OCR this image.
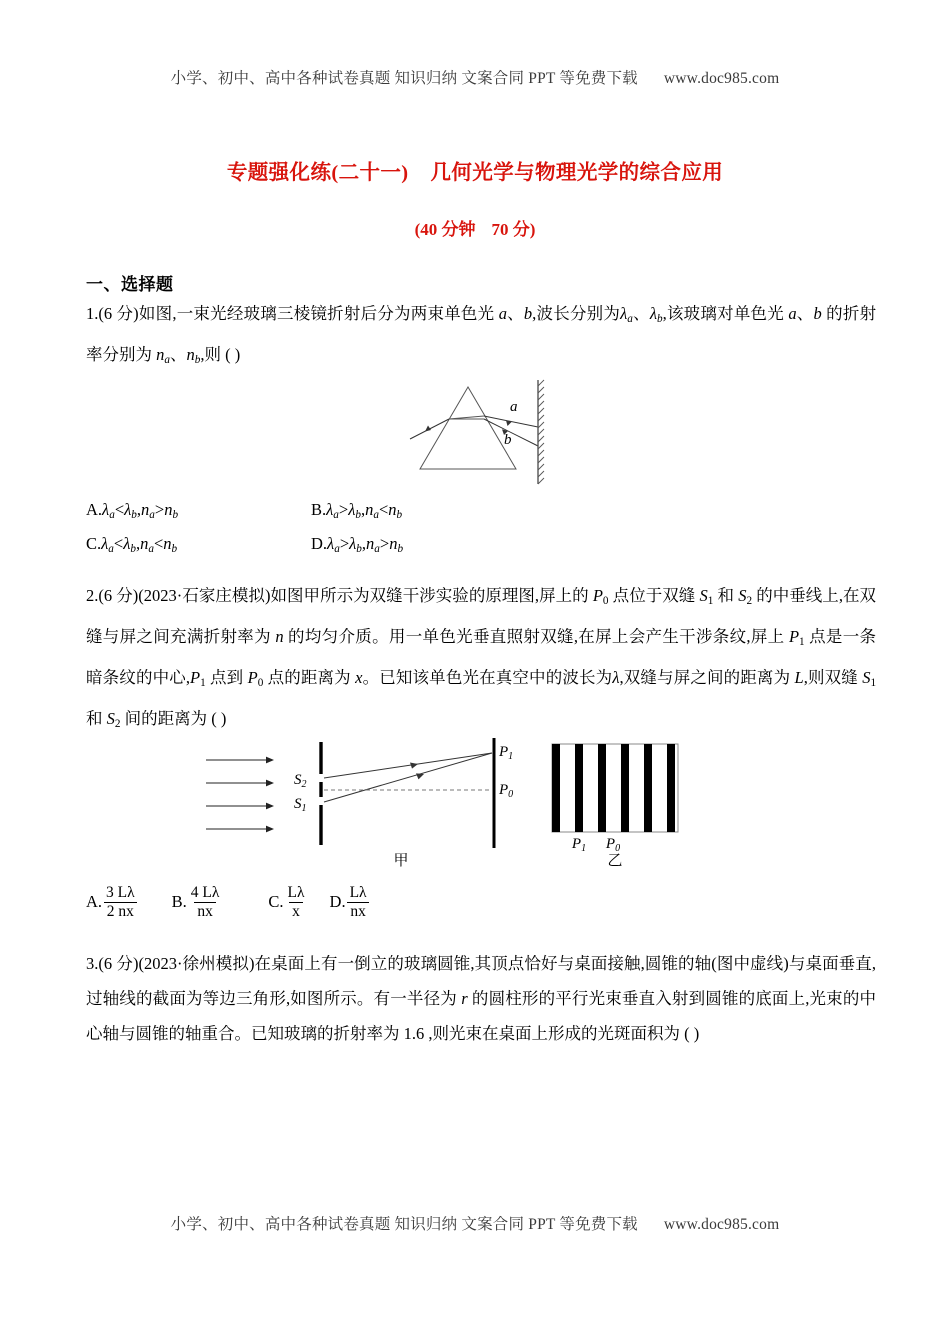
小学、初中、高中各种试卷真题 知识归纳 文案合同 PPT 等免费下载 www.doc985.com
专题强化练(二十一) 几何光学与物理光学的综合应用
(40 分钟 70 分)
一、选择题
1.(6 分)如图,一束光经玻璃三棱镜折射后分为两束单色光 a、b,波长分别为$\lambda_a$、$\lambda_b$,该玻璃对单色光 a、b 的折射率分别为 $n_a$、$n_b$,则 ( )
a
b
$A.\lambda_a<\lambda_b,n_a>n_b$	$B.\lambda_a>\lambda_b,n_a<n_b$
$C.\lambda_a<\lambda_b,n_a<n_b$	$D.\lambda_a>\lambda_b,n_a>n_b$
2.(6 分)(2023·石家庄模拟)如图甲所示为双缝干涉实验的原理图,屏上的 P0 点位于双缝 S1 和 S2 的中垂线上,在双缝与屏之间充满折射率为 n 的均匀介质。用一单色光垂直照射双缝,在屏上会产生干涉条纹,屏上 P1 点是一条暗条纹的中心,P1 点到 P0 点的距离为 x。已知该单色光在真空中的波长为λ,双缝与屏之间的距离为 L,则双缝 S1 和 S2 间的距离为 ( )
$S_2$
$S_1$
$P_1$
$P_0$
甲
$P_1$ $P_0$
乙
A. $\frac{3 L\lambda}{2 nx} B$. $\frac{4 L\lambda}{nx}$	C. $\frac{L\lambda}{x} D$. $\frac{L\lambda}{nx}$
3.(6 分)(2023·徐州模拟)在桌面上有一倒立的玻璃圆锥,其顶点恰好与桌面接触,圆锥的轴(图中虚线)与桌面垂直,过轴线的截面为等边三角形,如图所示。有一半径为 r 的圆柱形的平行光束垂直入射到圆锥的底面上,光束的中心轴与圆锥的轴重合。已知玻璃的折射率为 1.6 ,则光束在桌面上形成的光斑面积为 ( )
小学、初中、高中各种试卷真题 知识归纳 文案合同 PPT 等免费下载 www.doc985.com
